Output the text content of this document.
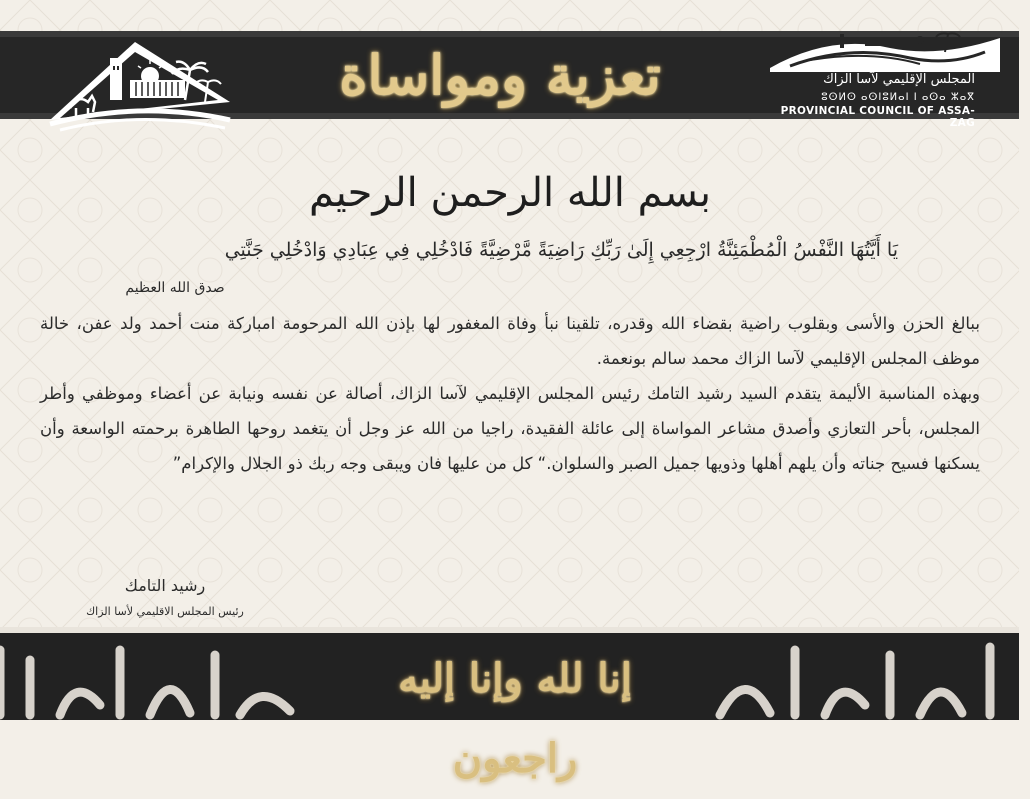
تعزية ومواساة	المجلس الإقليمي لآسا الزاك
ⵓⵙⵍⵙ ⴰⵙⵏⵓⵍⴰⵏ ⵏ ⴰⵙⴰ ⵣⴰⴳ
PROVINCIAL COUNCIL OF ASSA-ZAG
بسم الله الرحمن الرحيم
يَا أَيَّتُهَا النَّفْسُ الْمُطْمَئِنَّةُ ارْجِعِي إِلَىٰ رَبِّكِ رَاضِيَةً مَّرْضِيَّةً فَادْخُلِي فِي عِبَادِي وَادْخُلِي جَنَّتِي
صدق الله العظيم

ببالغ الحزن والأسى وبقلوب راضية بقضاء الله وقدره، تلقينا نبأ وفاة المغفور لها بإذن الله المرحومة امباركة منت أحمد ولد عفن، خالة موظف المجلس الإقليمي لآسا الزاك محمد سالم بونعمة.

وبهذه المناسبة الأليمة يتقدم السيد رشيد التامك رئيس المجلس الإقليمي لآسا الزاك، أصالة عن نفسه ونيابة عن أعضاء وموظفي وأطر المجلس، بأحر التعازي وأصدق مشاعر المواساة إلى عائلة الفقيدة، راجيا من الله عز وجل أن يتغمد روحها الطاهرة برحمته الواسعة وأن يسكنها فسيح جناته وأن يلهم أهلها وذويها جميل الصبر والسلوان.“ كل من عليها فان ويبقى وجه ربك ذو الجلال والإكرام”

رشيد التامك
رئيس المجلس الاقليمي لأسا الزاك
إنا لله وإنا إليه راجعون
